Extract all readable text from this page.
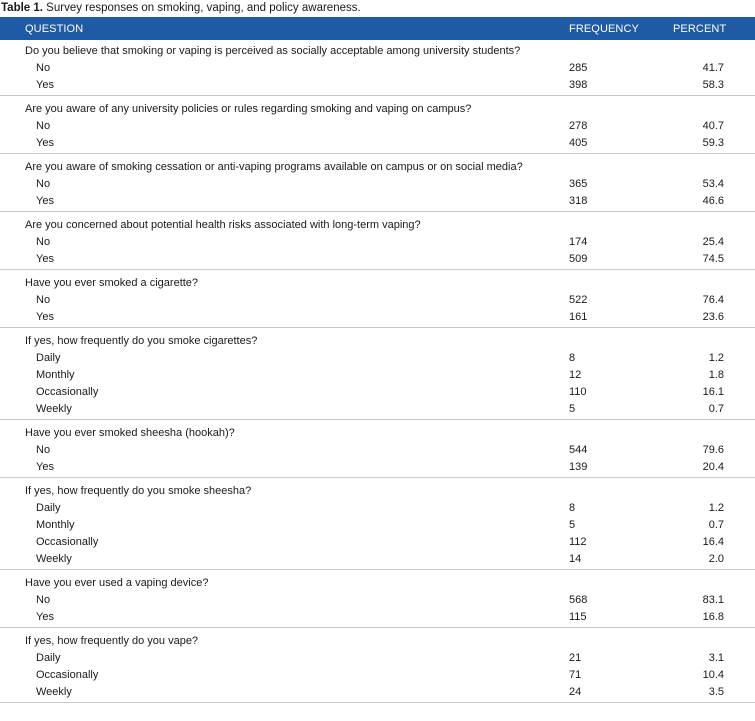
Table 1. Survey responses on smoking, vaping, and policy awareness.
QUESTION	FREQUENCY	PERCENT
Do you believe that smoking or vaping is perceived as socially acceptable among university students?		
No	285	41.7
Yes	398	58.3

Are you aware of any university policies or rules regarding smoking and vaping on campus?		
No	278	40.7
Yes	405	59.3

Are you aware of smoking cessation or anti-vaping programs available on campus or on social media?		
No	365	53.4
Yes	318	46.6

Are you concerned about potential health risks associated with long-term vaping?		
No	174	25.4
Yes	509	74.5

Have you ever smoked a cigarette?		
No	522	76.4
Yes	161	23.6

If yes, how frequently do you smoke cigarettes?		
Daily	8	1.2
Monthly	12	1.8
Occasionally	110	16.1
Weekly	5	0.7

Have you ever smoked sheesha (hookah)?		
No	544	79.6
Yes	139	20.4

If yes, how frequently do you smoke sheesha?		
Daily	8	1.2
Monthly	5	0.7
Occasionally	112	16.4
Weekly	14	2.0

Have you ever used a vaping device?		
No	568	83.1
Yes	115	16.8

If yes, how frequently do you vape?		
Daily	21	3.1
Occasionally	71	10.4
Weekly	24	3.5
